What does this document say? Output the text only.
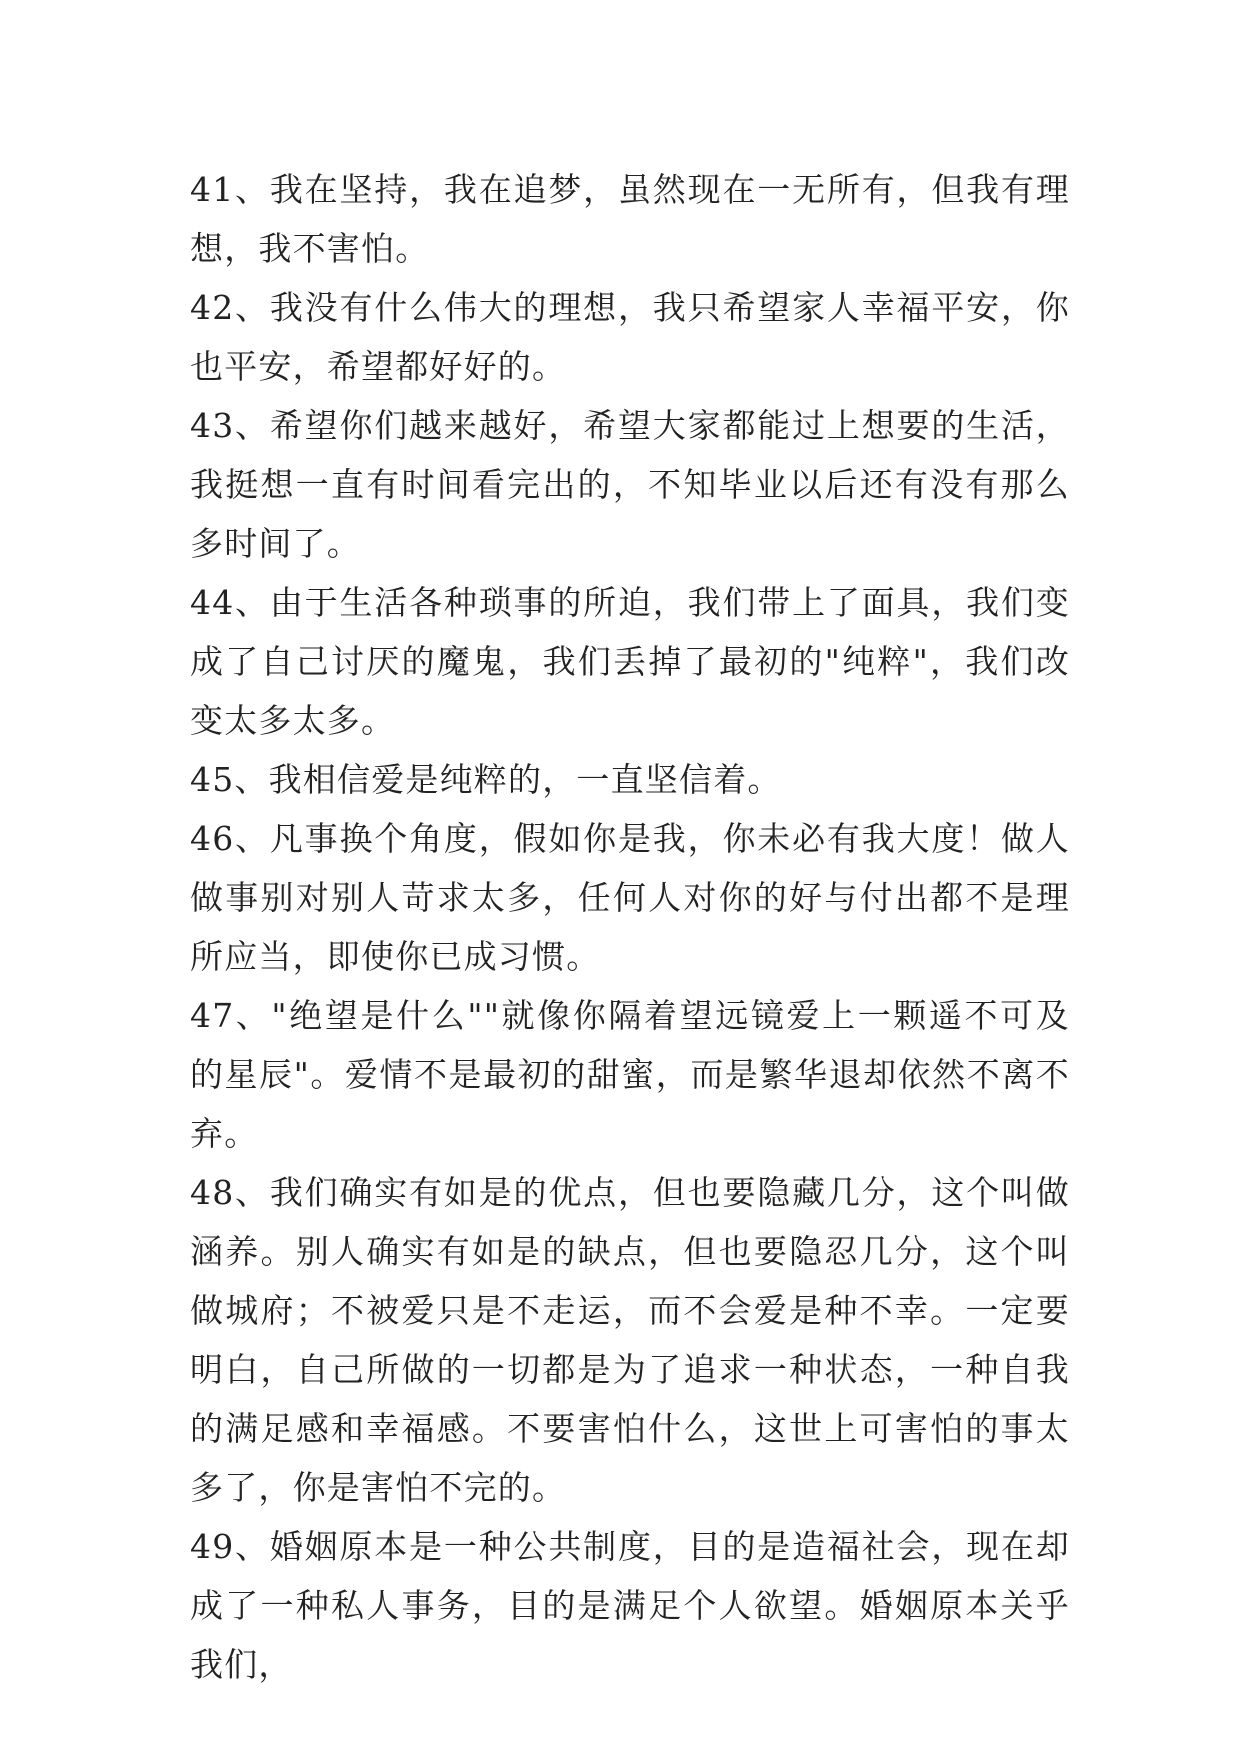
41、我在坚持，我在追梦，虽然现在一无所有，但我有理想，我不害怕。

42、我没有什么伟大的理想，我只希望家人幸福平安，你也平安，希望都好好的。

43、希望你们越来越好，希望大家都能过上想要的生活，我挺想一直有时间看完出的，不知毕业以后还有没有那么多时间了。

44、由于生活各种琐事的所迫，我们带上了面具，我们变成了自己讨厌的魔鬼，我们丢掉了最初的"纯粹"，我们改变太多太多。

45、我相信爱是纯粹的，一直坚信着。

46、凡事换个角度，假如你是我，你未必有我大度！做人做事别对别人苛求太多，任何人对你的好与付出都不是理所应当，即使你已成习惯。

47、"绝望是什么""就像你隔着望远镜爱上一颗遥不可及的星辰"。爱情不是最初的甜蜜，而是繁华退却依然不离不弃。

48、我们确实有如是的优点，但也要隐藏几分，这个叫做涵养。别人确实有如是的缺点，但也要隐忍几分，这个叫做城府；不被爱只是不走运，而不会爱是种不幸。一定要明白，自己所做的一切都是为了追求一种状态，一种自我的满足感和幸福感。不要害怕什么，这世上可害怕的事太多了，你是害怕不完的。

49、婚姻原本是一种公共制度，目的是造福社会，现在却成了一种私人事务，目的是满足个人欲望。婚姻原本关乎我们，
